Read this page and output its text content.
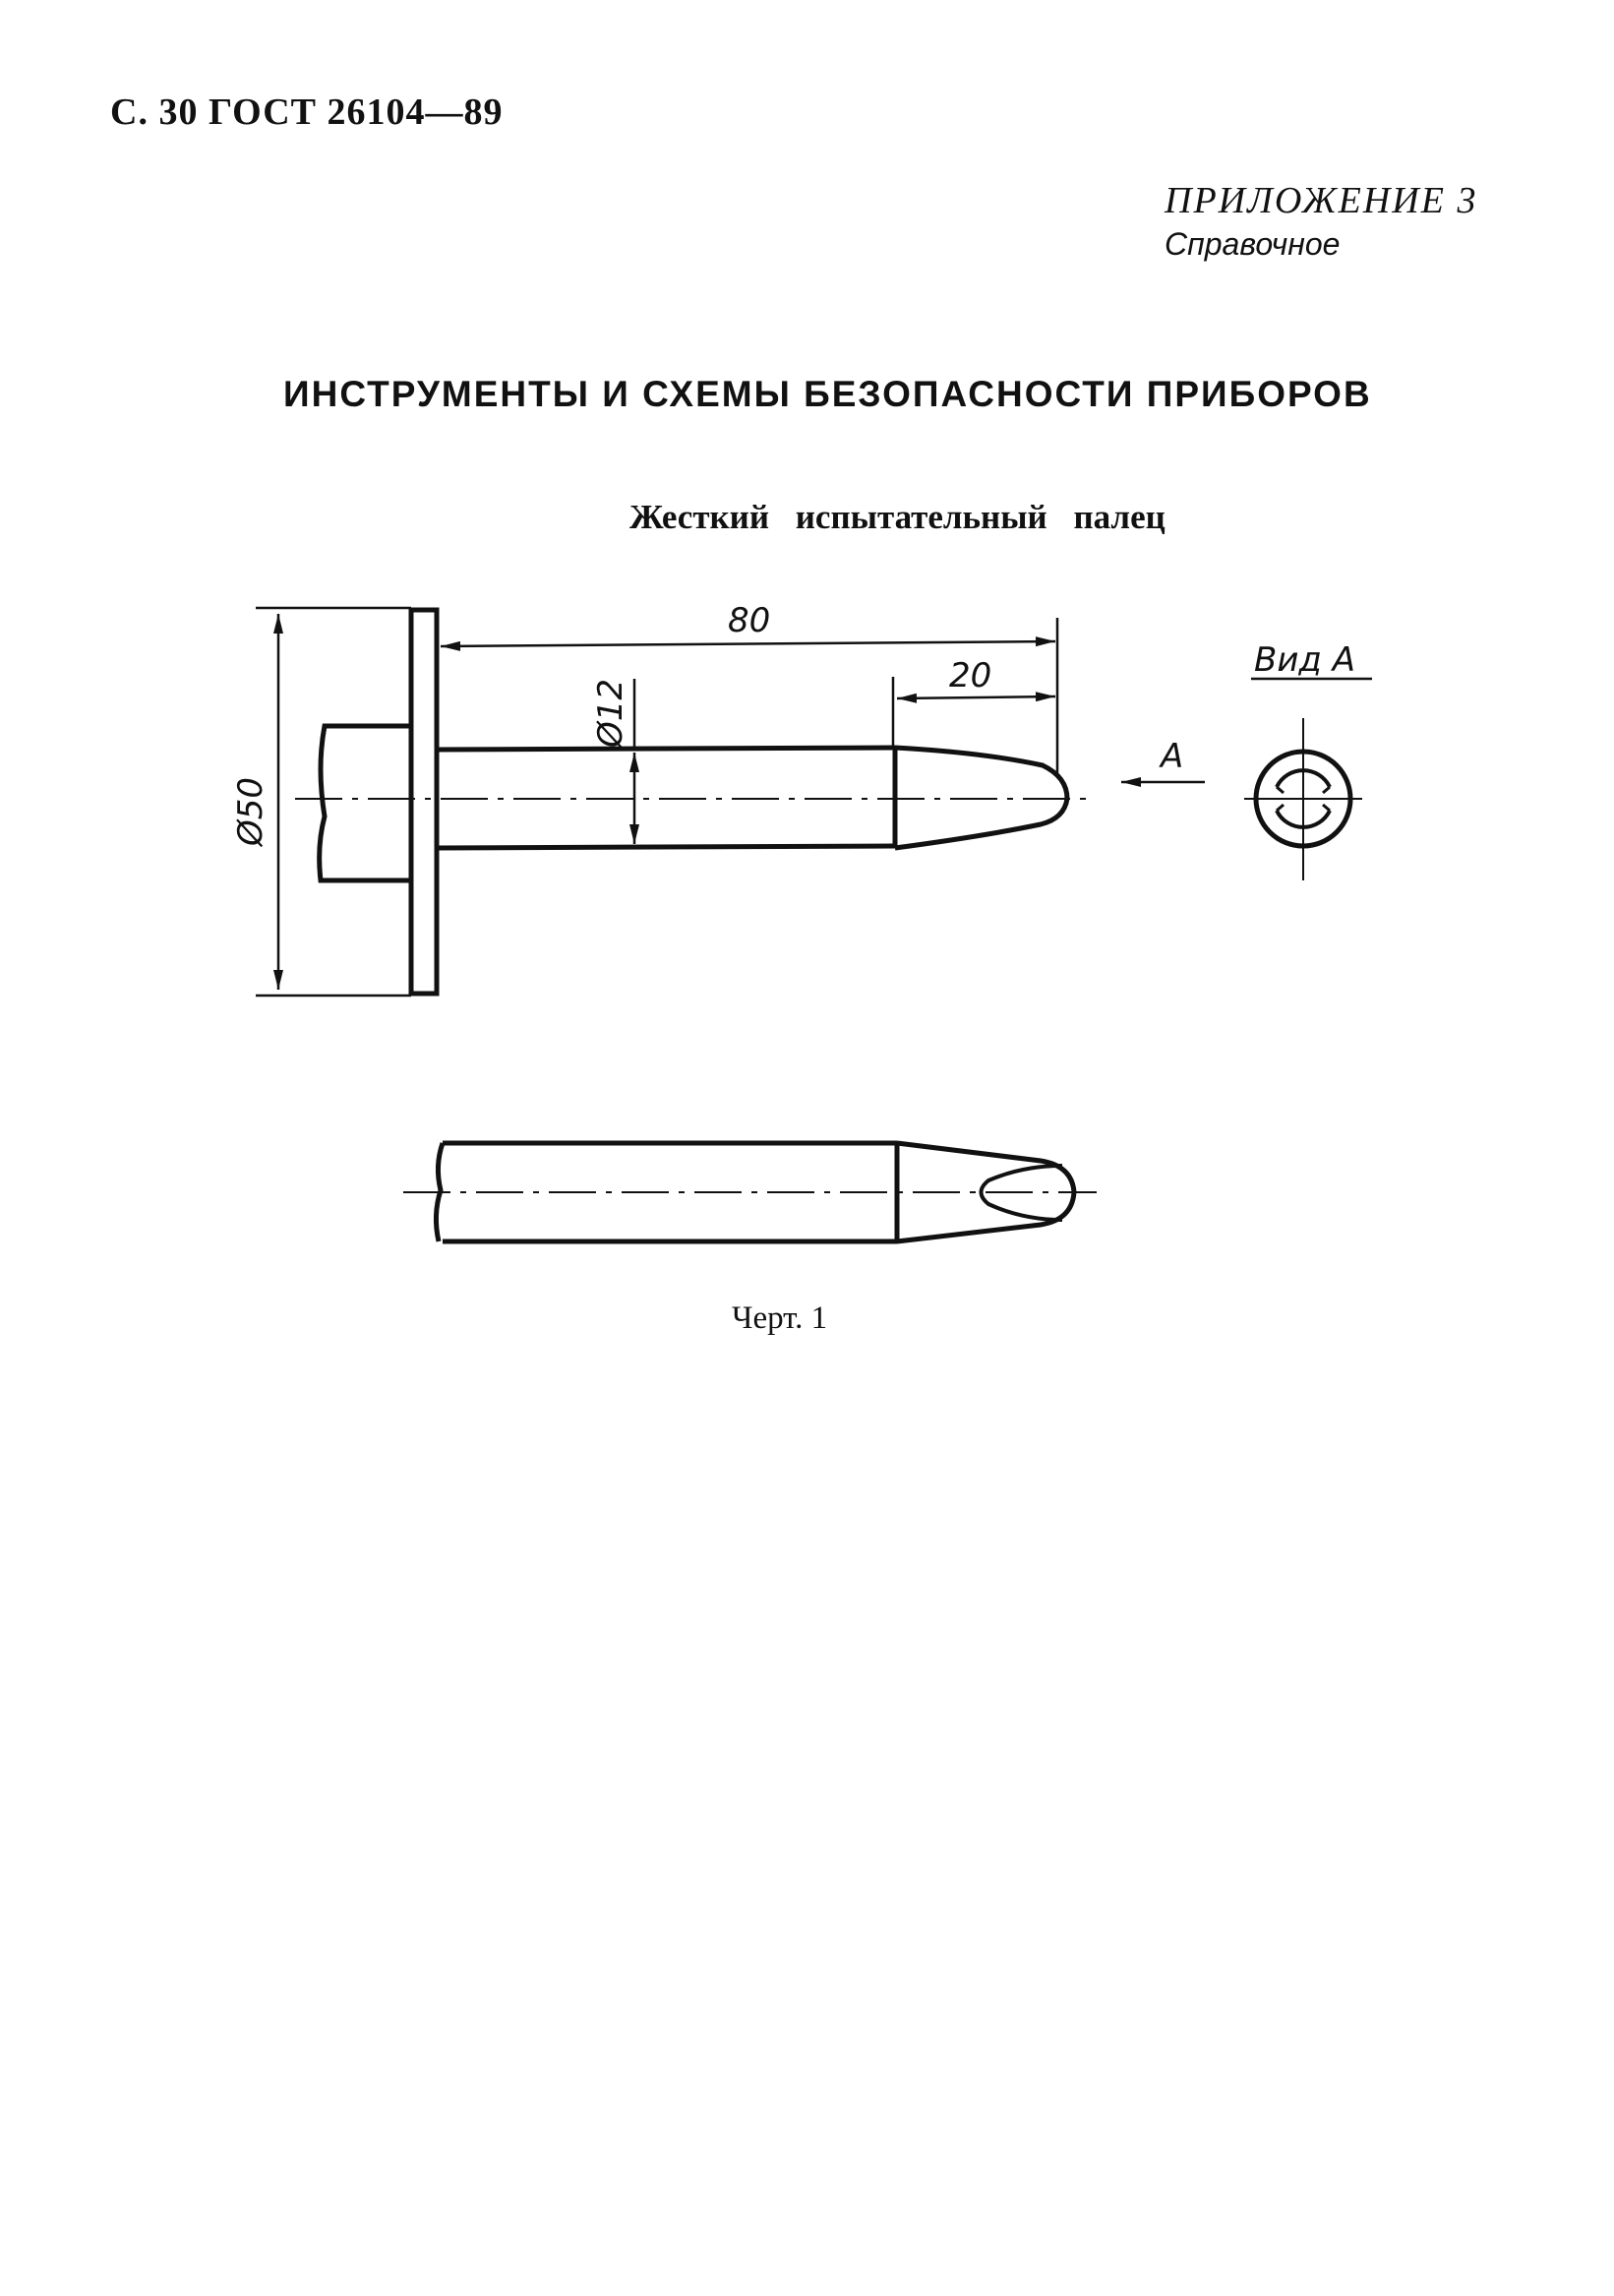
С. 30 ГОСТ 26104—89
ПРИЛОЖЕНИЕ 3
Справочное
ИНСТРУМЕНТЫ И СХЕМЫ БЕЗОПАСНОСТИ ПРИБОРОВ
Жесткий испытательный палец
80
20
Ø12
Ø50
A
Вид A
Черт. 1
